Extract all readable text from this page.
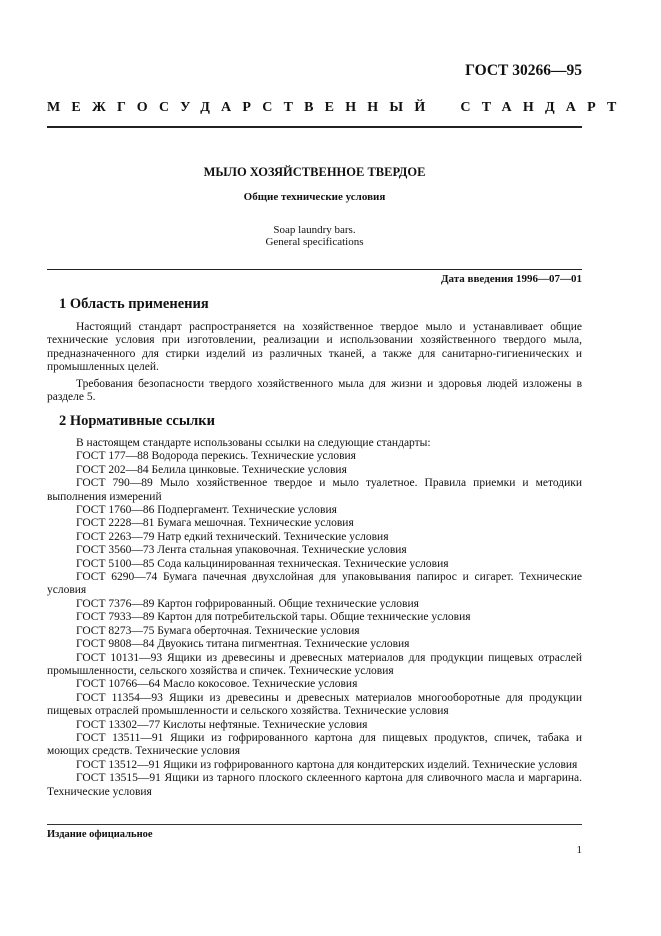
ГОСТ 30266—95
МЕЖГОСУДАРСТВЕННЫЙ СТАНДАРТ
МЫЛО ХОЗЯЙСТВЕННОЕ ТВЕРДОЕ
Общие технические условия
Soap laundry bars.
General specifications
Дата введения 1996—07—01
1 Область применения

Настоящий стандарт распространяется на хозяйственное твердое мыло и устанавливает общие технические условия при изготовлении, реализации и использовании хозяйственного твердого мыла, предназначенного для стирки изделий из различных тканей, а также для санитарно-гигиенических и промышленных целей.

Требования безопасности твердого хозяйственного мыла для жизни и здоровья людей изложены в разделе 5.

2 Нормативные ссылки

В настоящем стандарте использованы ссылки на следующие стандарты:

ГОСТ 177—88 Водорода перекись. Технические условия

ГОСТ 202—84 Белила цинковые. Технические условия

ГОСТ 790—89 Мыло хозяйственное твердое и мыло туалетное. Правила приемки и методики выполнения измерений

ГОСТ 1760—86 Подпергамент. Технические условия

ГОСТ 2228—81 Бумага мешочная. Технические условия

ГОСТ 2263—79 Натр едкий технический. Технические условия

ГОСТ 3560—73 Лента стальная упаковочная. Технические условия

ГОСТ 5100—85 Сода кальцинированная техническая. Технические условия

ГОСТ 6290—74 Бумага пачечная двухслойная для упаковывания папирос и сигарет. Технические условия

ГОСТ 7376—89 Картон гофрированный. Общие технические условия

ГОСТ 7933—89 Картон для потребительской тары. Общие технические условия

ГОСТ 8273—75 Бумага оберточная. Технические условия

ГОСТ 9808—84 Двуокись титана пигментная. Технические условия

ГОСТ 10131—93 Ящики из древесины и древесных материалов для продукции пищевых отраслей промышленности, сельского хозяйства и спичек. Технические условия

ГОСТ 10766—64 Масло кокосовое. Технические условия

ГОСТ 11354—93 Ящики из древесины и древесных материалов многооборотные для продукции пищевых отраслей промышленности и сельского хозяйства. Технические условия

ГОСТ 13302—77 Кислоты нефтяные. Технические условия

ГОСТ 13511—91 Ящики из гофрированного картона для пищевых продуктов, спичек, табака и моющих средств. Технические условия

ГОСТ 13512—91 Ящики из гофрированного картона для кондитерских изделий. Технические условия

ГОСТ 13515—91 Ящики из тарного плоского склеенного картона для сливочного масла и маргарина. Технические условия

Издание официальное
1
